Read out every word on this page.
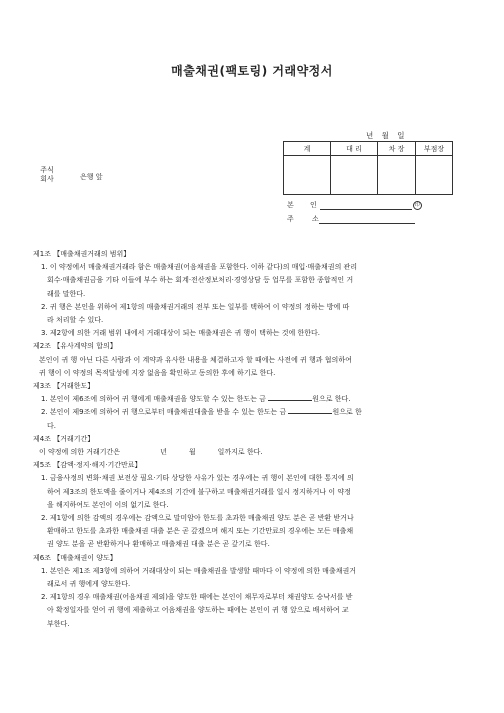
매출채권(팩토링) 거래약정서
년 월 일
계	대 리	차 장	부점장

주식 회사	은행 앞
본 인	印
주 소
제1조 【매출채권거래의 범위】
1. 이 약정에서 매출채권거래라 함은 매출채권(어음채권을 포함한다. 이하 같다)의 매입·매출채권의 관리
회수·매출채권금융 기타 이들에 부수 하는 회계·전산정보처리·경영상담 등 업무를 포함한 종합적인 거
래를 말한다.
2. 귀 행은 본인을 위하여 제1항의 매출채권거래의 전부 또는 일부를 택하여 이 약정의 정하는 방에 따
라 처리할 수 있다.
3. 제2항에 의한 거래 범위 내에서 거래대상이 되는 매출채권은 귀 행이 택하는 것에 한한다.
제2조 【유사계약의 합의】
본인이 귀 행 아닌 다른 사람과 이 계약과 유사한 내용을 체결하고자 할 때에는 사전에 귀 행과 협의하여
귀 행이 이 약정의 목적달성에 지장 없음을 확인하고 동의한 후에 하기로 한다.
제3조 【거래한도】
1. 본인이 제6조에 의하여 귀 행에게 매출채권을 양도할 수 있는 한도는 금	원으로 한다.
2. 본인이 제9조에 의하여 귀 행으로부터 매출채권대출을 받을 수 있는 한도는 금	원으로 한
다.
제4조 【거래기간】
이 약정에 의한 거래기간은	년	월	일까지로 한다.
제5조 【감액·정지·해지·기간만료】
1. 금융사정의 변화·채권 보전상 필요·기타 상당한 사유가 있는 경우에는 귀 행이 본인에 대한 통지에 의
하여 제3조의 한도액을 줄이거나 제4조의 기간에 불구하고 매출채권거래를 일시 정지하거나 이 약정
을 해지하여도 본인이 이의 없기로 한다.
2. 제1항에 의한 감액의 경우에는 감액으로 말미암아 한도를 초과한 매출채권 양도 분은 곧 반환 받거나
환매하고 한도를 초과한 매출채권 대출 분은 곧 갚겠으며 해지 또는 기간만료의 경우에는 모든 매출채
권 양도 분을 곧 반환하거나 환매하고 매출채권 대출 분은 곧 갚기로 한다.
제6조 【매출채권이 양도】
1. 본인은 제1조 제3항에 의하여 거래대상이 되는 매출채권을 발생할 때마다 이 약정에 의한 매출채권거
래로서 귀 행에게 양도한다.
2. 제1항의 경우 매출채권(어음채권 제외)을 양도한 때에는 본인이 채무자로부터 채권양도 승낙서를 받
아 확정일자를 얻어 귀 행에 제출하고 어음채권을 양도하는 때에는 본인이 귀 행 앞으로 배서하여 교
부한다.
